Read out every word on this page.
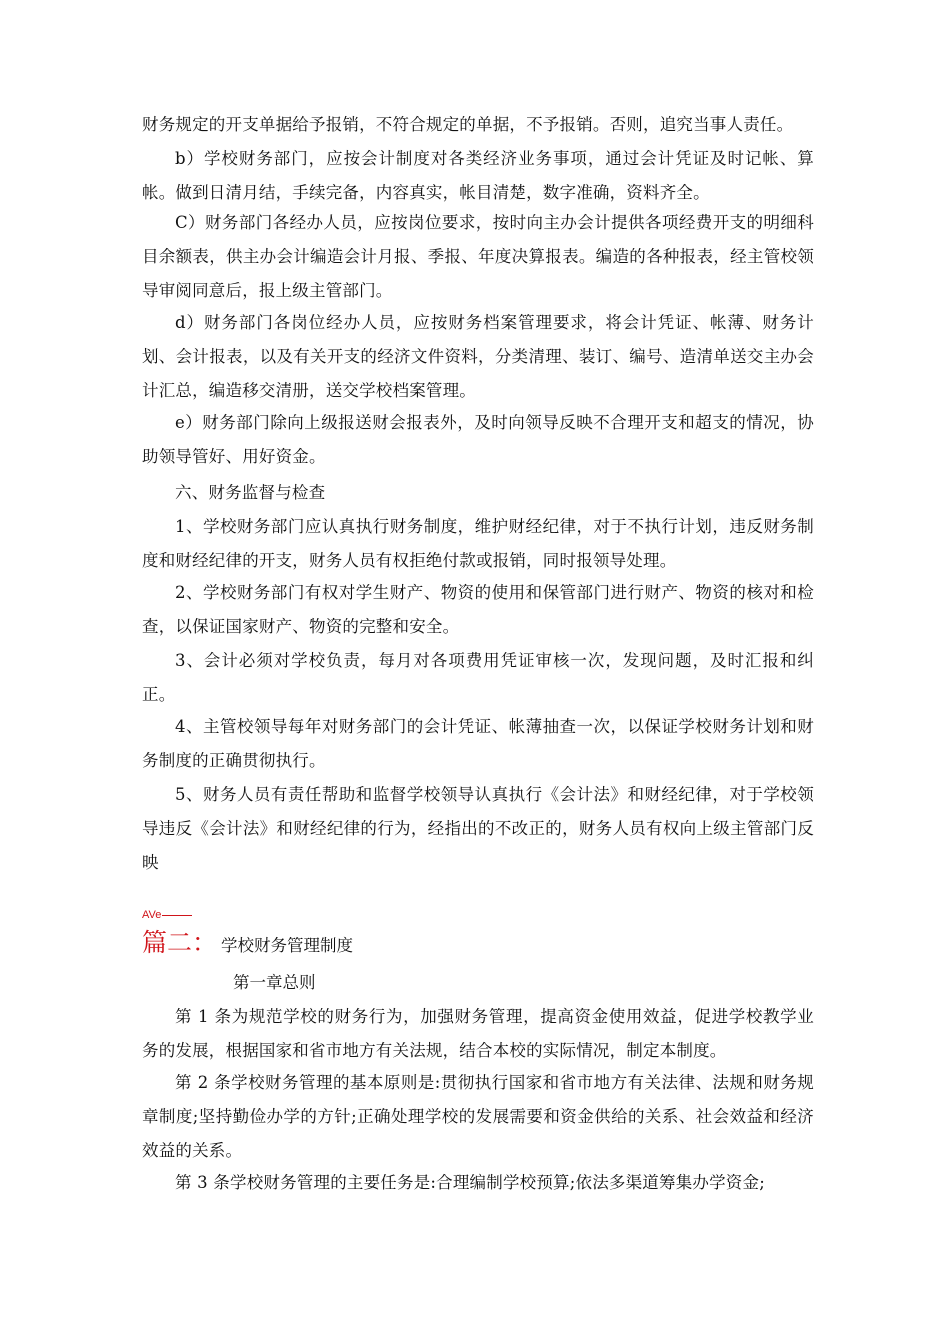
财务规定的开支单据给予报销，不符合规定的单据，不予报销。否则，追究当事人责任。

b）学校财务部门，应按会计制度对各类经济业务事项，通过会计凭证及时记帐、算帐。做到日清月结，手续完备，内容真实，帐目清楚，数字准确，资料齐全。

C）财务部门各经办人员，应按岗位要求，按时向主办会计提供各项经费开支的明细科目余额表，供主办会计编造会计月报、季报、年度决算报表。编造的各种报表，经主管校领导审阅同意后，报上级主管部门。

d）财务部门各岗位经办人员，应按财务档案管理要求，将会计凭证、帐薄、财务计划、会计报表，以及有关开支的经济文件资料，分类清理、装订、编号、造清单送交主办会计汇总，编造移交清册，送交学校档案管理。

e）财务部门除向上级报送财会报表外，及时向领导反映不合理开支和超支的情况，协助领导管好、用好资金。

六、财务监督与检查

1、学校财务部门应认真执行财务制度，维护财经纪律，对于不执行计划，违反财务制度和财经纪律的开支，财务人员有权拒绝付款或报销，同时报领导处理。

2、学校财务部门有权对学生财产、物资的使用和保管部门进行财产、物资的核对和检查，以保证国家财产、物资的完整和安全。

3、会计必须对学校负责，每月对各项费用凭证审核一次，发现问题，及时汇报和纠正。

4、主管校领导每年对财务部门的会计凭证、帐薄抽查一次，以保证学校财务计划和财务制度的正确贯彻执行。

5、财务人员有责任帮助和监督学校领导认真执行《会计法》和财经纪律，对于学校领导违反《会计法》和财经纪律的行为，经指出的不改正的，财务人员有权向上级主管部门反映

AVe
篇二： 学校财务管理制度
第一章总则

第 1 条为规范学校的财务行为，加强财务管理，提高资金使用效益，促进学校教学业务的发展，根据国家和省市地方有关法规，结合本校的实际情况，制定本制度。

第 2 条学校财务管理的基本原则是:贯彻执行国家和省市地方有关法律、法规和财务规章制度;坚持勤俭办学的方针;正确处理学校的发展需要和资金供给的关系、社会效益和经济效益的关系。

第 3 条学校财务管理的主要任务是:合理编制学校预算;依法多渠道筹集办学资金;
